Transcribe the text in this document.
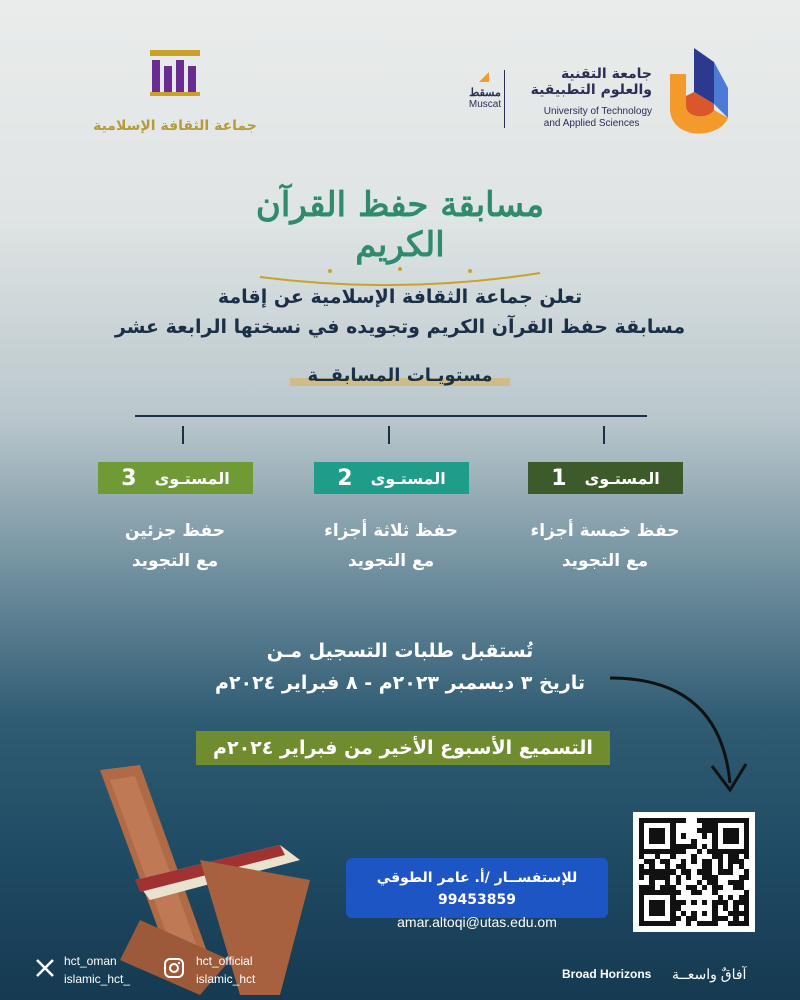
جامعة التقنية
والعلوم التطبيقية
University of Technology
and Applied Sciences
مسقط
Muscat
جماعة الثقافة الإسلامية
مسابقة حفظ القرآن الكريم
تعلن جماعة الثقافة الإسلامية عن إقامة
مسابقة حفظ القرآن الكريم وتجويده في نسختها الرابعة عشر
مستويـات المسابقــة
المستـوى
1
المستـوى
2
المستـوى
3
حفظ خمسة أجزاء
مع التجويد
حفظ ثلاثة أجزاء
مع التجويد
حفظ جزئين
مع التجويد
تُستقبل طلبات التسجيل مـن
تاريخ ٣ ديسمبر ٢٠٢٣م - ٨ فبراير ٢٠٢٤م
التسميع الأسبوع الأخير من فبراير ٢٠٢٤م
للإستفســار /أ. عامر الطوقي 99453859
amar.altoqi@utas.edu.om
hct_oman
islamic_hct_
hct_official
islamic_hct	Broad Horizons آفاقٌ واسعــة
